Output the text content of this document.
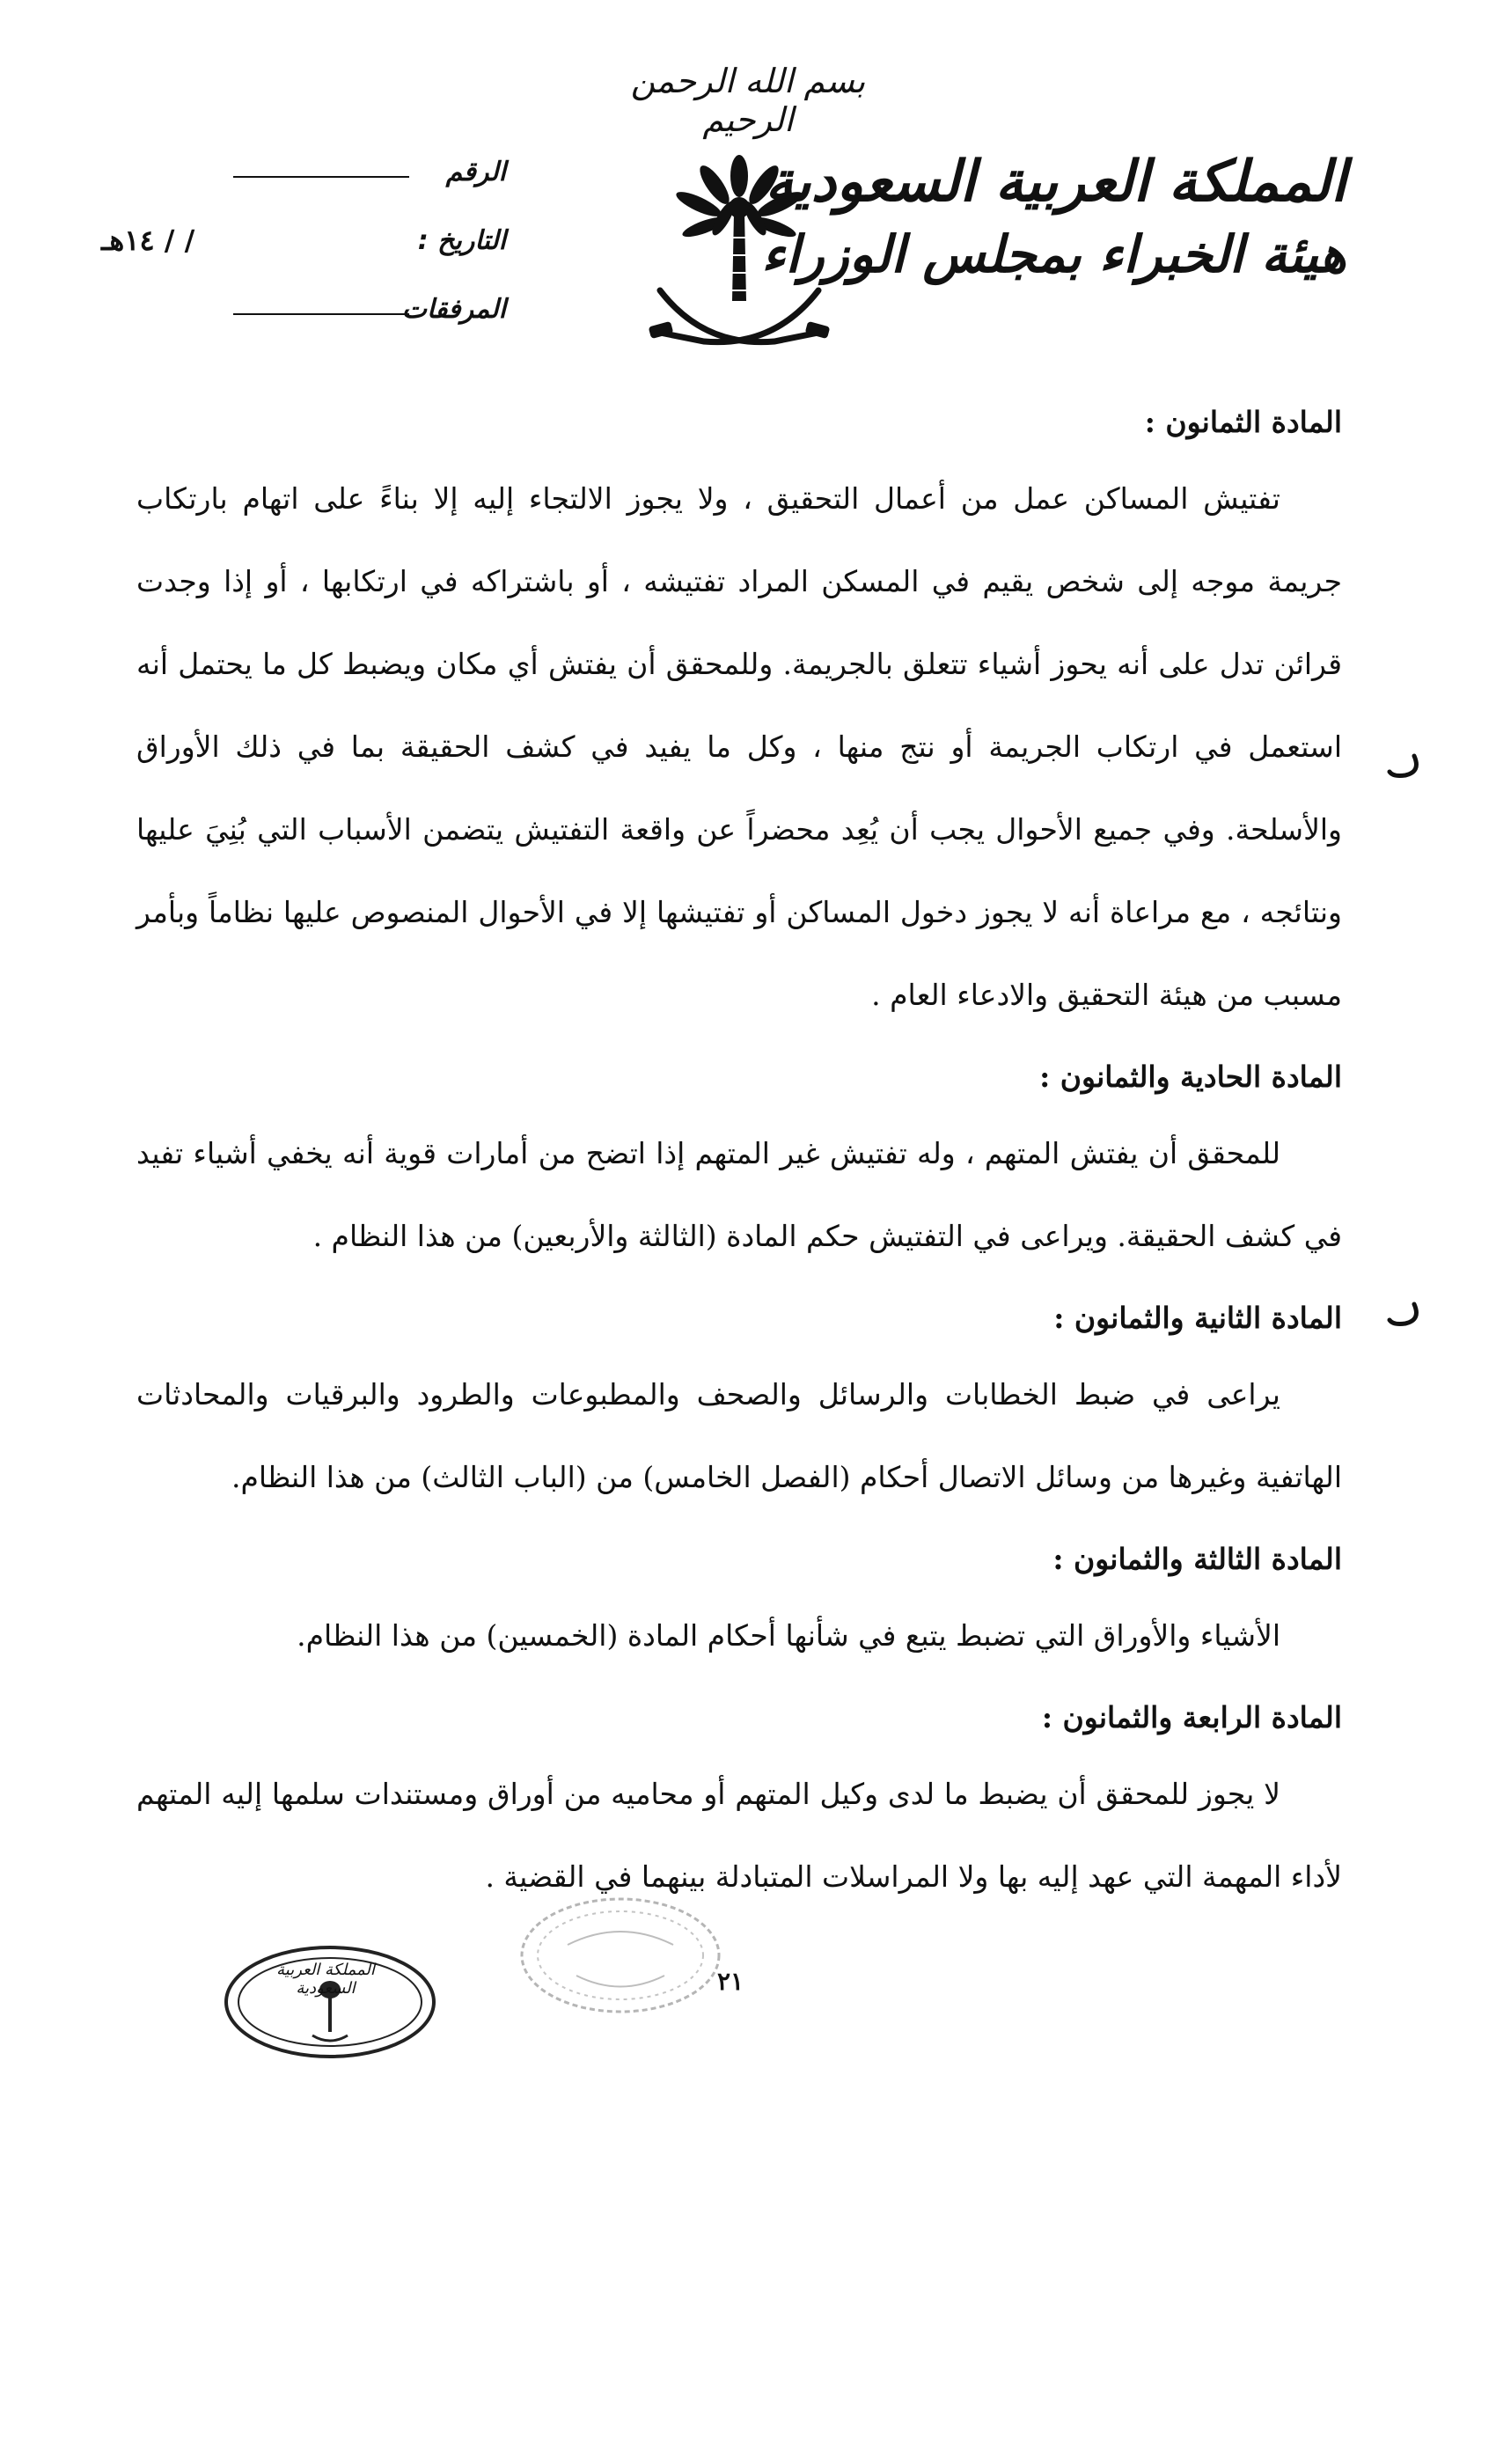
بسم الله الرحمن الرحيم
المملكة العربية السعودية
هيئة الخبراء بمجلس الوزراء
الرقم
التاريخ :
/ / ١٤هـ
المرفقات

المادة الثمانون :

تفتيش المساكن عمل من أعمال التحقيق ، ولا يجوز الالتجاء إليه إلا بناءً على اتهام بارتكاب جريمة موجه إلى شخص يقيم في المسكن المراد تفتيشه ، أو باشتراكه في ارتكابها ، أو إذا وجدت قرائن تدل على أنه يحوز أشياء تتعلق بالجريمة. وللمحقق أن يفتش أي مكان ويضبط كل ما يحتمل أنه استعمل في ارتكاب الجريمة أو نتج منها ، وكل ما يفيد في كشف الحقيقة بما في ذلك الأوراق والأسلحة. وفي جميع الأحوال يجب أن يُعِد محضراً عن واقعة التفتيش يتضمن الأسباب التي بُنِيَ عليها ونتائجه ، مع مراعاة أنه لا يجوز دخول المساكن أو تفتيشها إلا في الأحوال المنصوص عليها نظاماً وبأمر مسبب من هيئة التحقيق والادعاء العام .

المادة الحادية والثمانون :

للمحقق أن يفتش المتهم ، وله تفتيش غير المتهم إذا اتضح من أمارات قوية أنه يخفي أشياء تفيد في كشف الحقيقة. ويراعى في التفتيش حكم المادة (الثالثة والأربعين) من هذا النظام .

المادة الثانية والثمانون :

يراعى في ضبط الخطابات والرسائل والصحف والمطبوعات والطرود والبرقيات والمحادثات الهاتفية وغيرها من وسائل الاتصال أحكام (الفصل الخامس) من (الباب الثالث) من هذا النظام.

المادة الثالثة والثمانون :

الأشياء والأوراق التي تضبط يتبع في شأنها أحكام المادة (الخمسين) من هذا النظام.

المادة الرابعة والثمانون :

لا يجوز للمحقق أن يضبط ما لدى وكيل المتهم أو محاميه من أوراق ومستندات سلمها إليه المتهم لأداء المهمة التي عهد إليه بها ولا المراسلات المتبادلة بينهما في القضية .

المملكة العربية السعودية	٢١
